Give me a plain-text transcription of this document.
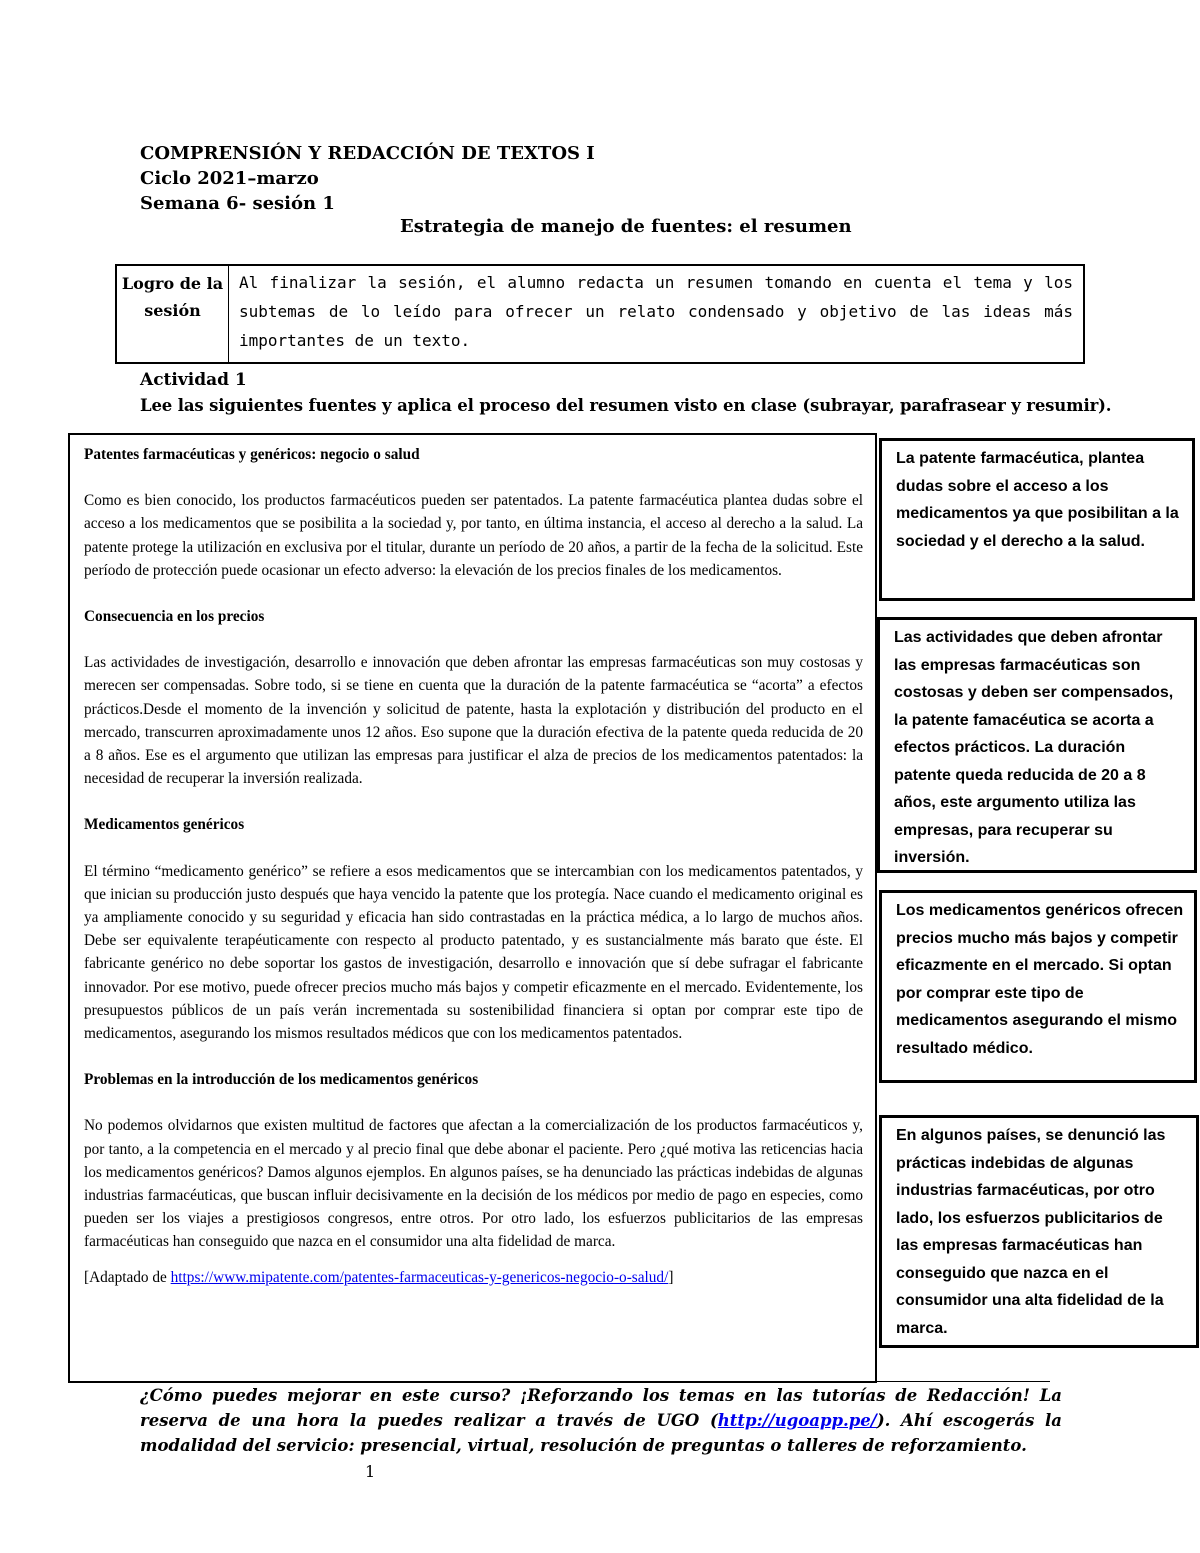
COMPRENSIÓN Y REDACCIÓN DE TEXTOS I
Ciclo 2021–marzo
Semana 6- sesión 1
Estrategia de manejo de fuentes: el resumen
Logro de la sesión
Al finalizar la sesión, el alumno redacta un resumen tomando en cuenta el tema y los subtemas de lo leído para ofrecer un relato condensado y objetivo de las ideas más importantes de un texto.
Actividad 1
Lee las siguientes fuentes y aplica el proceso del resumen visto en clase (subrayar, parafrasear y resumir).
Patentes farmacéuticas y genéricos: negocio o salud

Como es bien conocido, los productos farmacéuticos pueden ser patentados. La patente farmacéutica plantea dudas sobre el acceso a los medicamentos que se posibilita a la sociedad y, por tanto, en última instancia, el acceso al derecho a la salud. La patente protege la utilización en exclusiva por el titular, durante un período de 20 años, a partir de la fecha de la solicitud. Este período de protección puede ocasionar un efecto adverso: la elevación de los precios finales de los medicamentos.

Consecuencia en los precios

Las actividades de investigación, desarrollo e innovación que deben afrontar las empresas farmacéuticas son muy costosas y merecen ser compensadas. Sobre todo, si se tiene en cuenta que la duración de la patente farmacéutica se “acorta” a efectos prácticos.Desde el momento de la invención y solicitud de patente, hasta la explotación y distribución del producto en el mercado, transcurren aproximadamente unos 12 años. Eso supone que la duración efectiva de la patente queda reducida de 20 a 8 años. Ese es el argumento que utilizan las empresas para justificar el alza de precios de los medicamentos patentados: la necesidad de recuperar la inversión realizada.

Medicamentos genéricos

El término “medicamento genérico” se refiere a esos medicamentos que se intercambian con los medicamentos patentados, y que inician su producción justo después que haya vencido la patente que los protegía. Nace cuando el medicamento original es ya ampliamente conocido y su seguridad y eficacia han sido contrastadas en la práctica médica, a lo largo de muchos años. Debe ser equivalente terapéuticamente con respecto al producto patentado, y es sustancialmente más barato que éste. El fabricante genérico no debe soportar los gastos de investigación, desarrollo e innovación que sí debe sufragar el fabricante innovador. Por ese motivo, puede ofrecer precios mucho más bajos y competir eficazmente en el mercado. Evidentemente, los presupuestos públicos de un país verán incrementada su sostenibilidad financiera si optan por comprar este tipo de medicamentos, asegurando los mismos resultados médicos que con los medicamentos patentados.

Problemas en la introducción de los medicamentos genéricos

No podemos olvidarnos que existen multitud de factores que afectan a la comercialización de los productos farmacéuticos y, por tanto, a la competencia en el mercado y al precio final que debe abonar el paciente. Pero ¿qué motiva las reticencias hacia los medicamentos genéricos? Damos algunos ejemplos. En algunos países, se ha denunciado las prácticas indebidas de algunas industrias farmacéuticas, que buscan influir decisivamente en la decisión de los médicos por medio de pago en especies, como pueden ser los viajes a prestigiosos congresos, entre otros. Por otro lado, los esfuerzos publicitarios de las empresas farmacéuticas han conseguido que nazca en el consumidor una alta fidelidad de marca.

[Adaptado de https://www.mipatente.com/patentes-farmaceuticas-y-genericos-negocio-o-salud/]

La patente farmacéutica, plantea dudas sobre el acceso a los medicamentos ya que posibilitan a la sociedad y el derecho a la salud.
Las actividades que deben afrontar las empresas farmacéuticas son costosas y deben ser compensados, la patente famacéutica se acorta a efectos prácticos. La duración patente queda reducida de 20 a 8 años, este argumento utiliza las empresas, para recuperar su inversión.
Los medicamentos genéricos ofrecen precios mucho más bajos y competir eficazmente en el mercado. Si optan por comprar este tipo de medicamentos asegurando el mismo resultado médico.
En algunos países, se denunció las prácticas indebidas de algunas industrias farmacéuticas, por otro lado, los esfuerzos publicitarios de las empresas farmacéuticas han conseguido que nazca en el consumidor una alta fidelidad de la marca.
¿Cómo puedes mejorar en este curso? ¡Reforzando los temas en las tutorías de Redacción! La reserva de una hora la puedes realizar a través de UGO (http://ugoapp.pe/). Ahí escogerás la modalidad del servicio: presencial, virtual, resolución de preguntas o talleres de reforzamiento.
1
